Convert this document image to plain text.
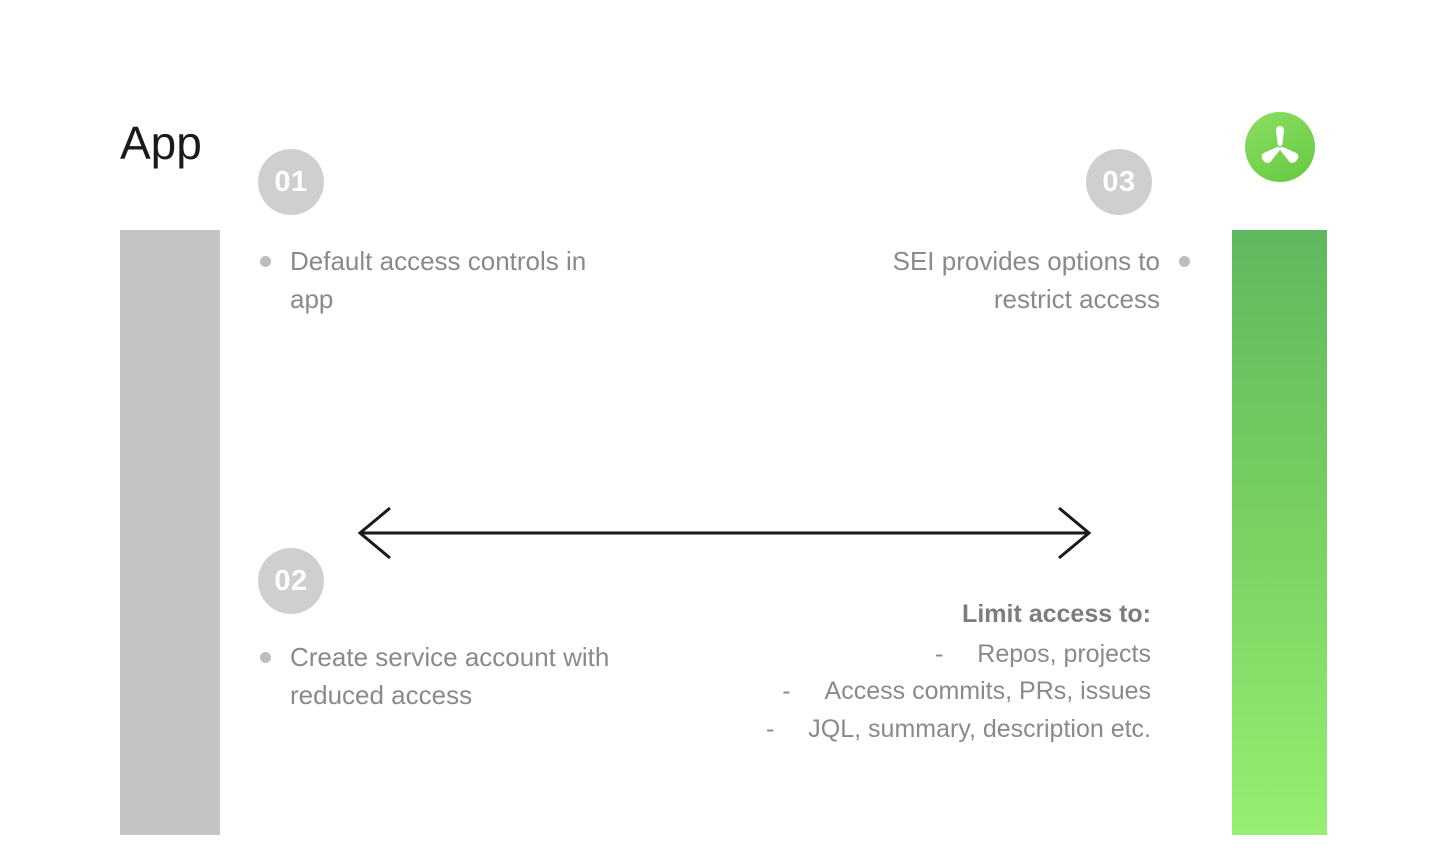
App
01
02
03
Default access controls in app
Create service account with reduced access
SEI provides options to restrict access
Limit access to:
- Repos, projects
- Access commits, PRs, issues
- JQL, summary, description etc.
